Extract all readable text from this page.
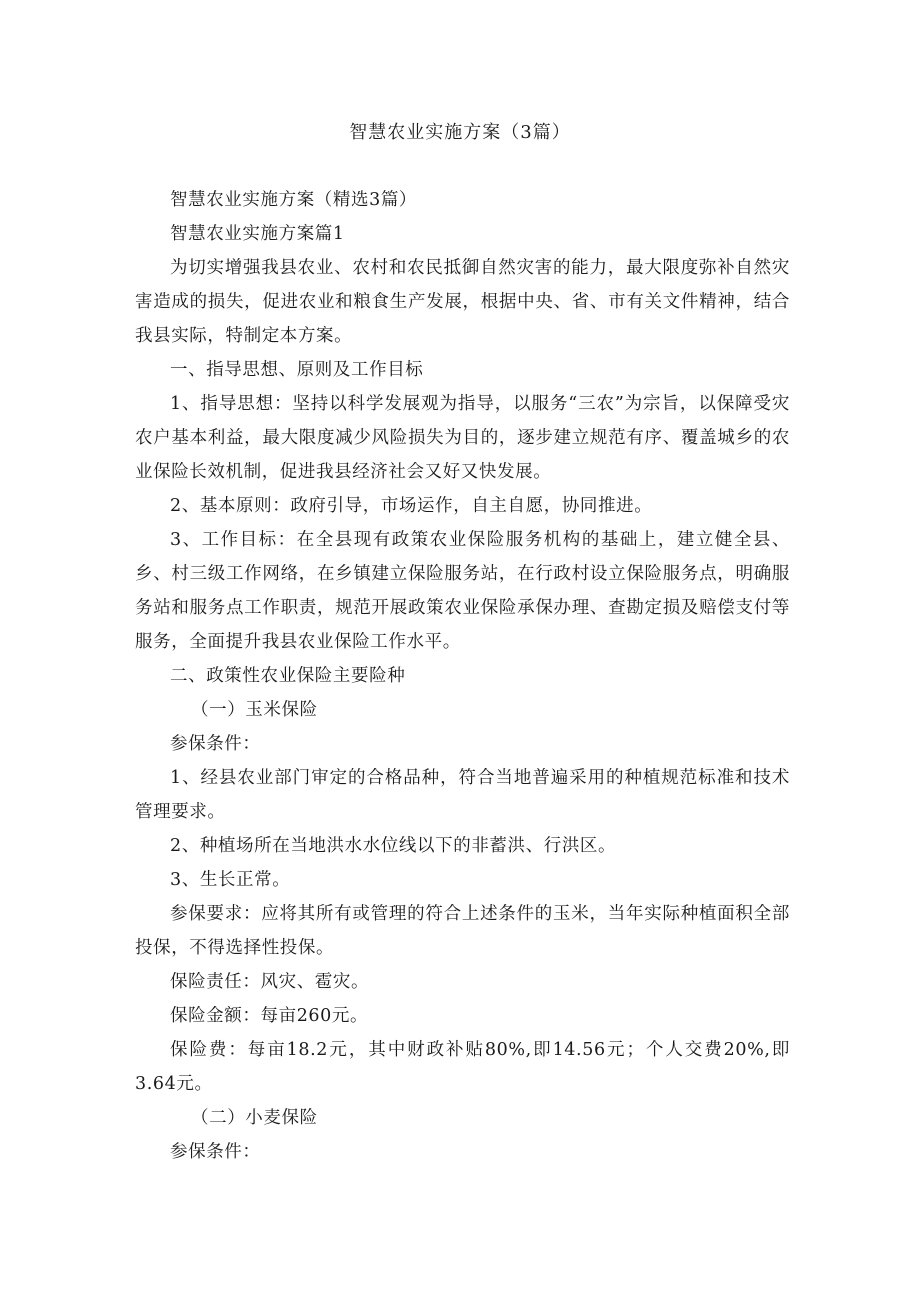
智慧农业实施方案（3篇）

智慧农业实施方案（精选3篇）

智慧农业实施方案篇1

为切实增强我县农业、农村和农民抵御自然灾害的能力，最大限度弥补自然灾害造成的损失，促进农业和粮食生产发展，根据中央、省、市有关文件精神，结合我县实际，特制定本方案。

一、指导思想、原则及工作目标

1、指导思想：坚持以科学发展观为指导，以服务“三农”为宗旨，以保障受灾农户基本利益，最大限度减少风险损失为目的，逐步建立规范有序、覆盖城乡的农业保险长效机制，促进我县经济社会又好又快发展。

2、基本原则：政府引导，市场运作，自主自愿，协同推进。

3、工作目标：在全县现有政策农业保险服务机构的基础上，建立健全县、乡、村三级工作网络，在乡镇建立保险服务站，在行政村设立保险服务点，明确服务站和服务点工作职责，规范开展政策农业保险承保办理、查勘定损及赔偿支付等服务，全面提升我县农业保险工作水平。

二、政策性农业保险主要险种

（一）玉米保险

参保条件：

1、经县农业部门审定的合格品种，符合当地普遍采用的种植规范标准和技术管理要求。

2、种植场所在当地洪水水位线以下的非蓄洪、行洪区。

3、生长正常。

参保要求：应将其所有或管理的符合上述条件的玉米，当年实际种植面积全部投保，不得选择性投保。

保险责任：风灾、雹灾。

保险金额：每亩260元。

保险费：每亩18.2元，其中财政补贴80%,即14.56元；个人交费20%,即3.64元。

（二）小麦保险

参保条件：
